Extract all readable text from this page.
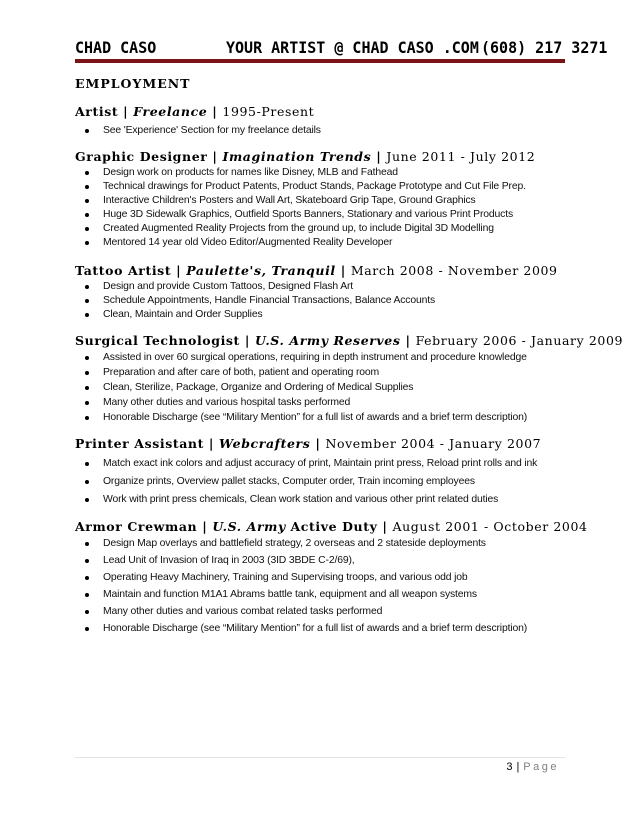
CHAD CASO	YOUR ARTIST @ CHAD CASO .COM (608) 217 3271
EMPLOYMENT
Artist | Freelance | 1995-Present
See 'Experience' Section for my freelance details
Graphic Designer | Imagination Trends | June 2011 - July 2012
Design work on products for names like Disney, MLB and Fathead
Technical drawings for Product Patents, Product Stands, Package Prototype and Cut File Prep.
Interactive Children's Posters and Wall Art, Skateboard Grip Tape, Ground Graphics
Huge 3D Sidewalk Graphics, Outfield Sports Banners, Stationary and various Print Products
Created Augmented Reality Projects from the ground up, to include Digital 3D Modelling
Mentored 14 year old Video Editor/Augmented Reality Developer
Tattoo Artist | Paulette's, Tranquil | March 2008 - November 2009
Design and provide Custom Tattoos, Designed Flash Art
Schedule Appointments, Handle Financial Transactions, Balance Accounts
Clean, Maintain and Order Supplies
Surgical Technologist | U.S. Army Reserves | February 2006 - January 2009
Assisted in over 60 surgical operations, requiring in depth instrument and procedure knowledge
Preparation and after care of both, patient and operating room
Clean, Sterilize, Package, Organize and Ordering of Medical Supplies
Many other duties and various hospital tasks performed
Honorable Discharge (see “Military Mention” for a full list of awards and a brief term description)
Printer Assistant | Webcrafters | November 2004 - January 2007
Match exact ink colors and adjust accuracy of print, Maintain print press, Reload print rolls and ink
Organize prints, Overview pallet stacks, Computer order, Train incoming employees
Work with print press chemicals, Clean work station and various other print related duties
Armor Crewman | U.S. Army Active Duty | August 2001 - October 2004
Design Map overlays and battlefield strategy, 2 overseas and 2 stateside deployments
Lead Unit of Invasion of Iraq in 2003 (3ID 3BDE C-2/69),
Operating Heavy Machinery, Training and Supervising troops, and various odd job
Maintain and function M1A1 Abrams battle tank, equipment and all weapon systems
Many other duties and various combat related tasks performed
Honorable Discharge (see “Military Mention” for a full list of awards and a brief term description)
3 | Page
